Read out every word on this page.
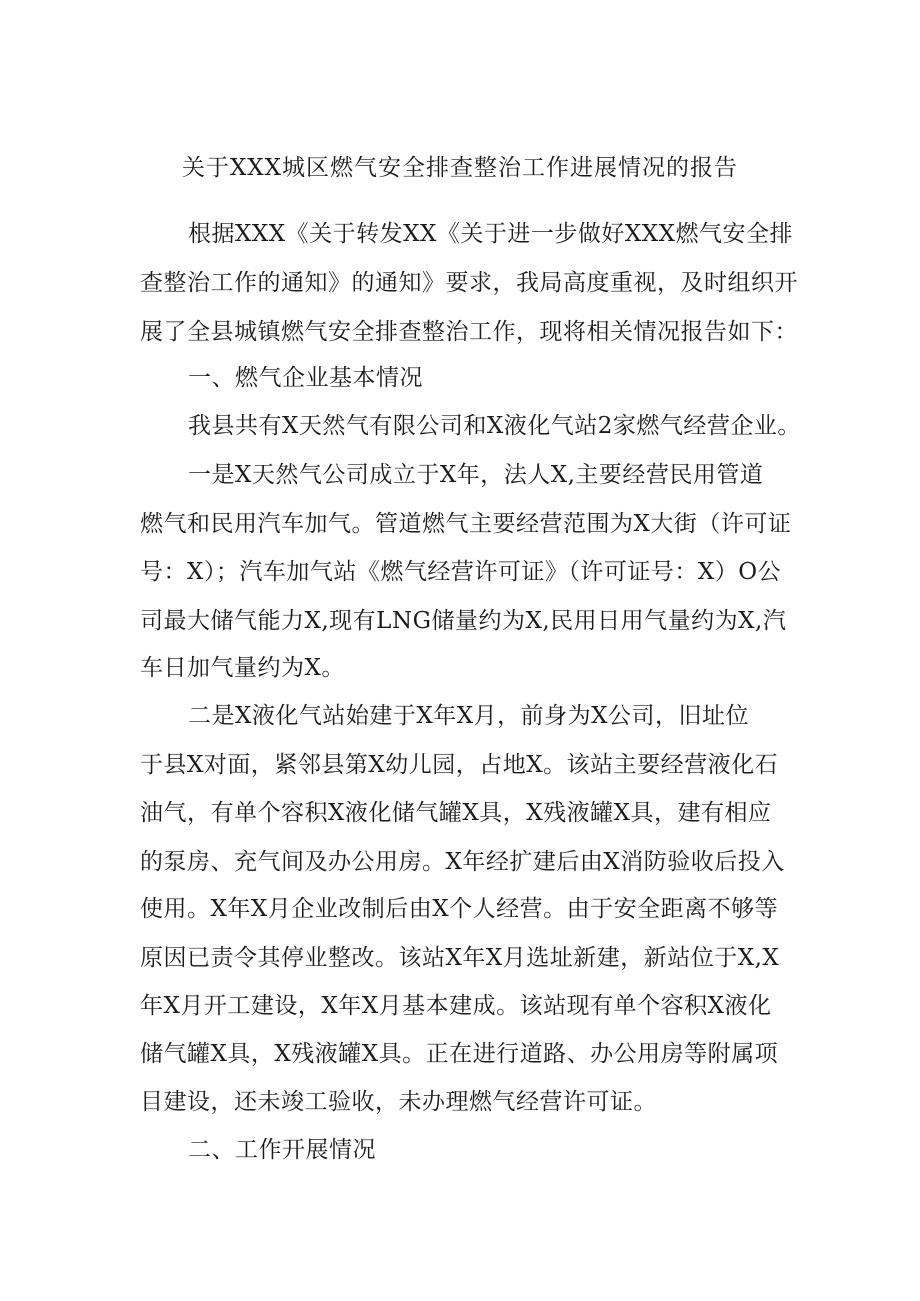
关于XXX城区燃气安全排查整治工作进展情况的报告
根据XXX《关于转发XX《关于进一步做好XXX燃气安全排
查整治工作的通知》的通知》要求，我局高度重视，及时组织开
展了全县城镇燃气安全排查整治工作，现将相关情况报告如下：
一、燃气企业基本情况
我县共有X天然气有限公司和X液化气站2家燃气经营企业。
一是X天然气公司成立于X年，法人X,主要经营民用管道
燃气和民用汽车加气。管道燃气主要经营范围为X大街（许可证
号：X）；汽车加气站《燃气经营许可证》（许可证号：X）O公
司最大储气能力X,现有LNG储量约为X,民用日用气量约为X,汽
车日加气量约为X。
二是X液化气站始建于X年X月，前身为X公司，旧址位
于县X对面，紧邻县第X幼儿园，占地X。该站主要经营液化石
油气，有单个容积X液化储气罐X具，X残液罐X具，建有相应
的泵房、充气间及办公用房。X年经扩建后由X消防验收后投入
使用。X年X月企业改制后由X个人经营。由于安全距离不够等
原因已责令其停业整改。该站X年X月选址新建，新站位于X,X
年X月开工建设，X年X月基本建成。该站现有单个容积X液化
储气罐X具，X残液罐X具。正在进行道路、办公用房等附属项
目建设，还未竣工验收，未办理燃气经营许可证。
二、工作开展情况
